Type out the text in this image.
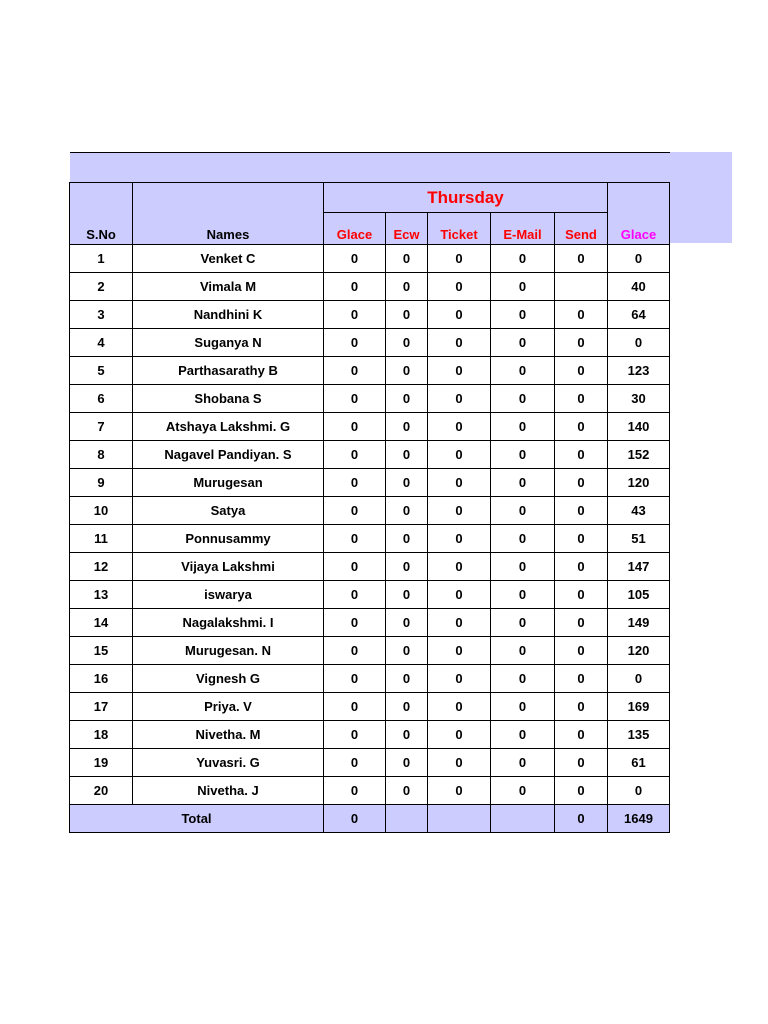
S.No	Names	Thursday					
		Glace	Ecw	Ticket	E-Mail	Send	Glace
1	Venket C	0	0	0	0	0	0
2	Vimala M	0	0	0	0		40
3	Nandhini K	0	0	0	0	0	64
4	Suganya N	0	0	0	0	0	0
5	Parthasarathy B	0	0	0	0	0	123
6	Shobana S	0	0	0	0	0	30
7	Atshaya Lakshmi. G	0	0	0	0	0	140
8	Nagavel Pandiyan. S	0	0	0	0	0	152
9	Murugesan	0	0	0	0	0	120
10	Satya	0	0	0	0	0	43
11	Ponnusammy	0	0	0	0	0	51
12	Vijaya Lakshmi	0	0	0	0	0	147
13	iswarya	0	0	0	0	0	105
14	Nagalakshmi. I	0	0	0	0	0	149
15	Murugesan. N	0	0	0	0	0	120
16	Vignesh G	0	0	0	0	0	0
17	Priya. V	0	0	0	0	0	169
18	Nivetha. M	0	0	0	0	0	135
19	Yuvasri. G	0	0	0	0	0	61
20	Nivetha. J	0	0	0	0	0	0
Total		0				0	1649
